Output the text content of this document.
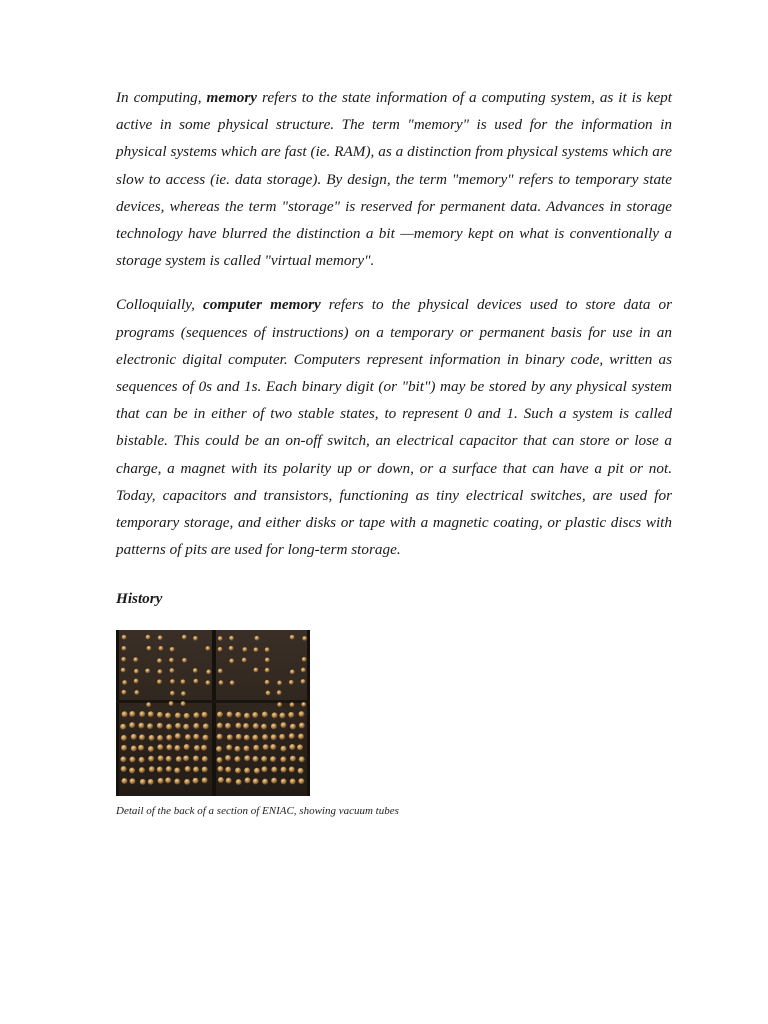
In computing, memory refers to the state information of a computing system, as it is kept active in some physical structure. The term "memory" is used for the information in physical systems which are fast (ie. RAM), as a distinction from physical systems which are slow to access (ie. data storage). By design, the term "memory" refers to temporary state devices, whereas the term "storage" is reserved for permanent data. Advances in storage technology have blurred the distinction a bit —memory kept on what is conventionally a storage system is called "virtual memory".

Colloquially, computer memory refers to the physical devices used to store data or programs (sequences of instructions) on a temporary or permanent basis for use in an electronic digital computer. Computers represent information in binary code, written as sequences of 0s and 1s. Each binary digit (or "bit") may be stored by any physical system that can be in either of two stable states, to represent 0 and 1. Such a system is called bistable. This could be an on-off switch, an electrical capacitor that can store or lose a charge, a magnet with its polarity up or down, or a surface that can have a pit or not. Today, capacitors and transistors, functioning as tiny electrical switches, are used for temporary storage, and either disks or tape with a magnetic coating, or plastic discs with patterns of pits are used for long-term storage.

History
Detail of the back of a section of ENIAC, showing vacuum tubes
